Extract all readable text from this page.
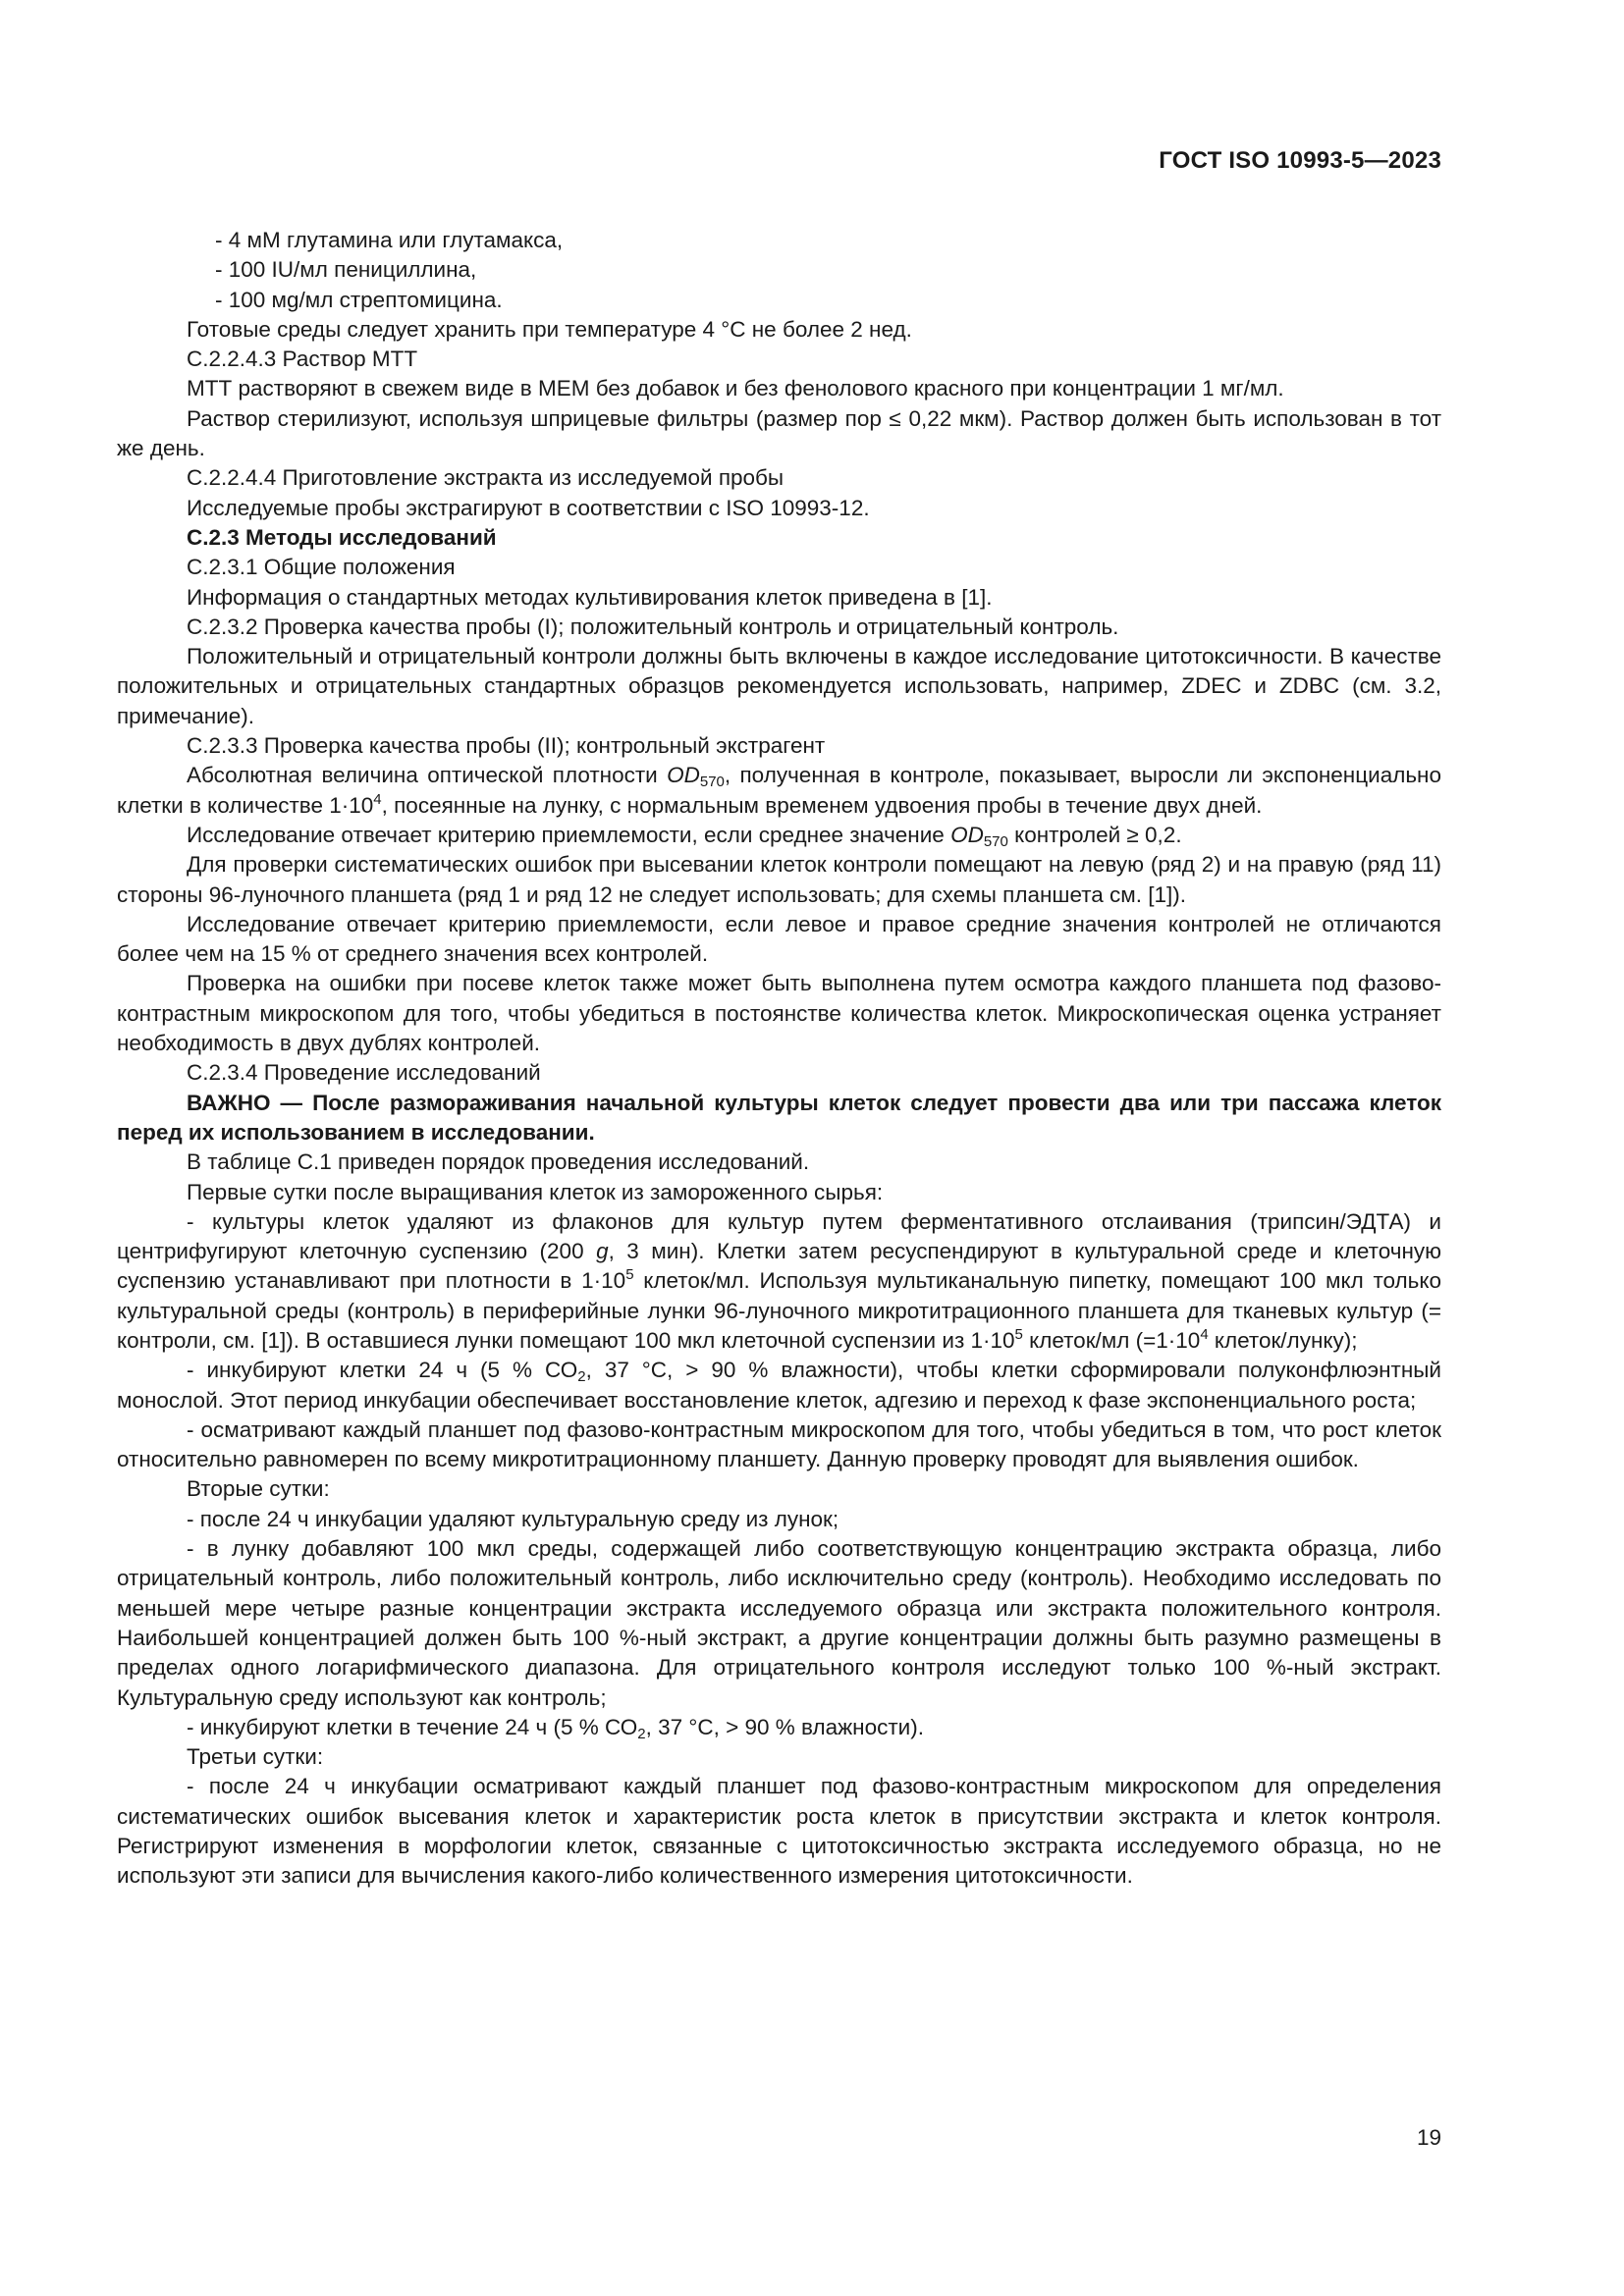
ГОСТ ISO 10993-5—2023

- 4 мМ глутамина или глутамакса,

- 100 IU/мл пенициллина,

- 100 мg/мл стрептомицина.

Готовые среды следует хранить при температуре 4 °С не более 2 нед.

С.2.2.4.3 Раствор МТТ

МТТ растворяют в свежем виде в МЕМ без добавок и без фенолового красного при концентрации 1 мг/мл.

Раствор стерилизуют, используя шприцевые фильтры (размер пор ≤ 0,22 мкм). Раствор должен быть использован в тот же день.

С.2.2.4.4 Приготовление экстракта из исследуемой пробы

Исследуемые пробы экстрагируют в соответствии с ISO 10993-12.

С.2.3 Методы исследований

С.2.3.1 Общие положения

Информация о стандартных методах культивирования клеток приведена в [1].

С.2.3.2 Проверка качества пробы (I); положительный контроль и отрицательный контроль.

Положительный и отрицательный контроли должны быть включены в каждое исследование цитотоксичности. В качестве положительных и отрицательных стандартных образцов рекомендуется использовать, например, ZDEC и ZDBC (см. 3.2, примечание).

С.2.3.3 Проверка качества пробы (II); контрольный экстрагент

Абсолютная величина оптической плотности $OD_{570}$, полученная в контроле, показывает, выросли ли экспоненциально клетки в количестве $1\cdot 10^4$, посеянные на лунку, с нормальным временем удвоения пробы в течение двух дней.

Исследование отвечает критерию приемлемости, если среднее значение $OD_{570}$ контролей ≥ 0,2.

Для проверки систематических ошибок при высевании клеток контроли помещают на левую (ряд 2) и на правую (ряд 11) стороны 96-луночного планшета (ряд 1 и ряд 12 не следует использовать; для схемы планшета см. [1]).

Исследование отвечает критерию приемлемости, если левое и правое средние значения контролей не отличаются более чем на 15 % от среднего значения всех контролей.

Проверка на ошибки при посеве клеток также может быть выполнена путем осмотра каждого планшета под фазово-контрастным микроскопом для того, чтобы убедиться в постоянстве количества клеток. Микроскопическая оценка устраняет необходимость в двух дублях контролей.

С.2.3.4 Проведение исследований

ВАЖНО — После размораживания начальной культуры клеток следует провести два или три пассажа клеток перед их использованием в исследовании.

В таблице С.1 приведен порядок проведения исследований.

Первые сутки после выращивания клеток из замороженного сырья:

- культуры клеток удаляют из флаконов для культур путем ферментативного отслаивания (трипсин/ЭДТА) и центрифугируют клеточную суспензию (200 g, 3 мин). Клетки затем ресуспендируют в культуральной среде и клеточную суспензию устанавливают при плотности в $1\cdot 10^5$ клеток/мл. Используя мультиканальную пипетку, помещают 100 мкл только культуральной среды (контроль) в периферийные лунки 96-луночного микротитрационного планшета для тканевых культур (= контроли, см. [1]). В оставшиеся лунки помещают 100 мкл клеточной суспензии из $1\cdot 10^5$ клеток/мл ($=1\cdot 10^4$ клеток/лунку);

- инкубируют клетки 24 ч (5 % $СО_2$, 37 °С, > 90 % влажности), чтобы клетки сформировали полуконфлюэнтный монослой. Этот период инкубации обеспечивает восстановление клеток, адгезию и переход к фазе экспоненциального роста;

- осматривают каждый планшет под фазово-контрастным микроскопом для того, чтобы убедиться в том, что рост клеток относительно равномерен по всему микротитрационному планшету. Данную проверку проводят для выявления ошибок.

Вторые сутки:

- после 24 ч инкубации удаляют культуральную среду из лунок;

- в лунку добавляют 100 мкл среды, содержащей либо соответствующую концентрацию экстракта образца, либо отрицательный контроль, либо положительный контроль, либо исключительно среду (контроль). Необходимо исследовать по меньшей мере четыре разные концентрации экстракта исследуемого образца или экстракта положительного контроля. Наибольшей концентрацией должен быть 100 %-ный экстракт, а другие концентрации должны быть разумно размещены в пределах одного логарифмического диапазона. Для отрицательного контроля исследуют только 100 %-ный экстракт. Культуральную среду используют как контроль;

- инкубируют клетки в течение 24 ч (5 % $СО_2$, 37 °С, > 90 % влажности).

Третьи сутки:

- после 24 ч инкубации осматривают каждый планшет под фазово-контрастным микроскопом для определения систематических ошибок высевания клеток и характеристик роста клеток в присутствии экстракта и клеток контроля. Регистрируют изменения в морфологии клеток, связанные с цитотоксичностью экстракта исследуемого образца, но не используют эти записи для вычисления какого-либо количественного измерения цитотоксичности.

19
